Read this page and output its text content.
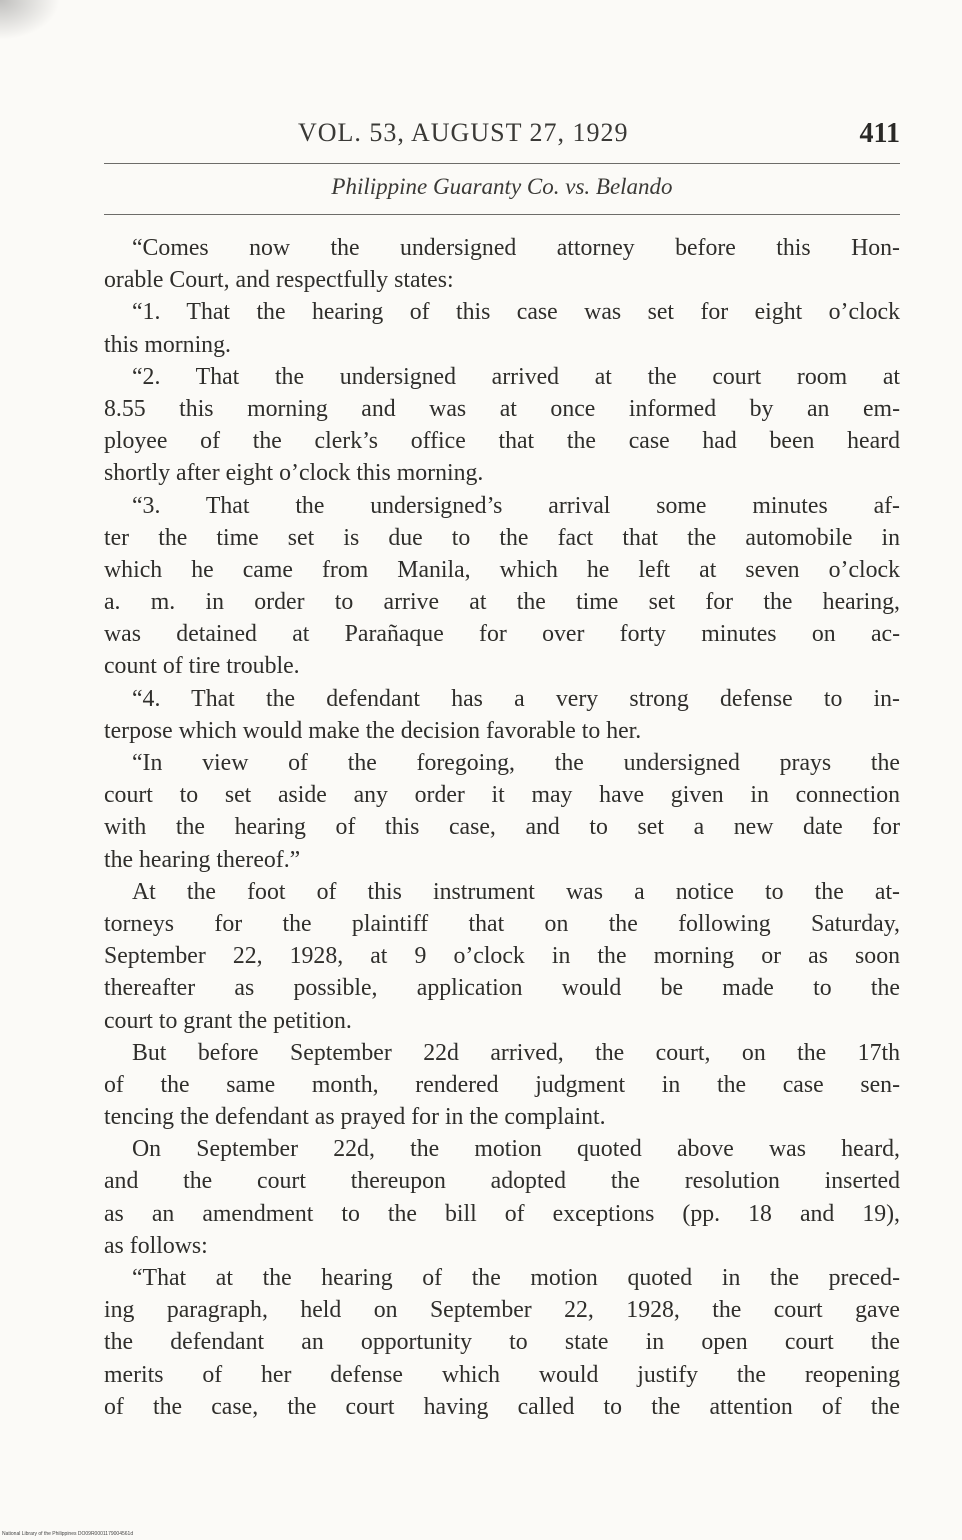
VOL. 53, AUGUST 27, 1929	411
Philippine Guaranty Co. vs. Belando
“Comes now the undersigned attorney before this Hon-
orable Court, and respectfully states:
“1. That the hearing of this case was set for eight o’clock
this morning.
“2. That the undersigned arrived at the court room at
8.55 this morning and was at once informed by an em-
ployee of the clerk’s office that the case had been heard
shortly after eight o’clock this morning.
“3. That the undersigned’s arrival some minutes af-
ter the time set is due to the fact that the automobile in
which he came from Manila, which he left at seven o’clock
a. m. in order to arrive at the time set for the hearing,
was detained at Parañaque for over forty minutes on ac-
count of tire trouble.
“4. That the defendant has a very strong defense to in-
terpose which would make the decision favorable to her.
“In view of the foregoing, the undersigned prays the
court to set aside any order it may have given in connection
with the hearing of this case, and to set a new date for
the hearing thereof.”
At the foot of this instrument was a notice to the at-
torneys for the plaintiff that on the following Saturday,
September 22, 1928, at 9 o’clock in the morning or as soon
thereafter as possible, application would be made to the
court to grant the petition.
But before September 22d arrived, the court, on the 17th
of the same month, rendered judgment in the case sen-
tencing the defendant as prayed for in the complaint.
On September 22d, the motion quoted above was heard,
and the court thereupon adopted the resolution inserted
as an amendment to the bill of exceptions (pp. 18 and 19),
as follows:
“That at the hearing of the motion quoted in the preced-
ing paragraph, held on September 22, 1928, the court gave
the defendant an opportunity to state in open court the
merits of her defense which would justify the reopening
of the case, the court having called to the attention of the
National Library of the Philippines DO09R0001179004561d
